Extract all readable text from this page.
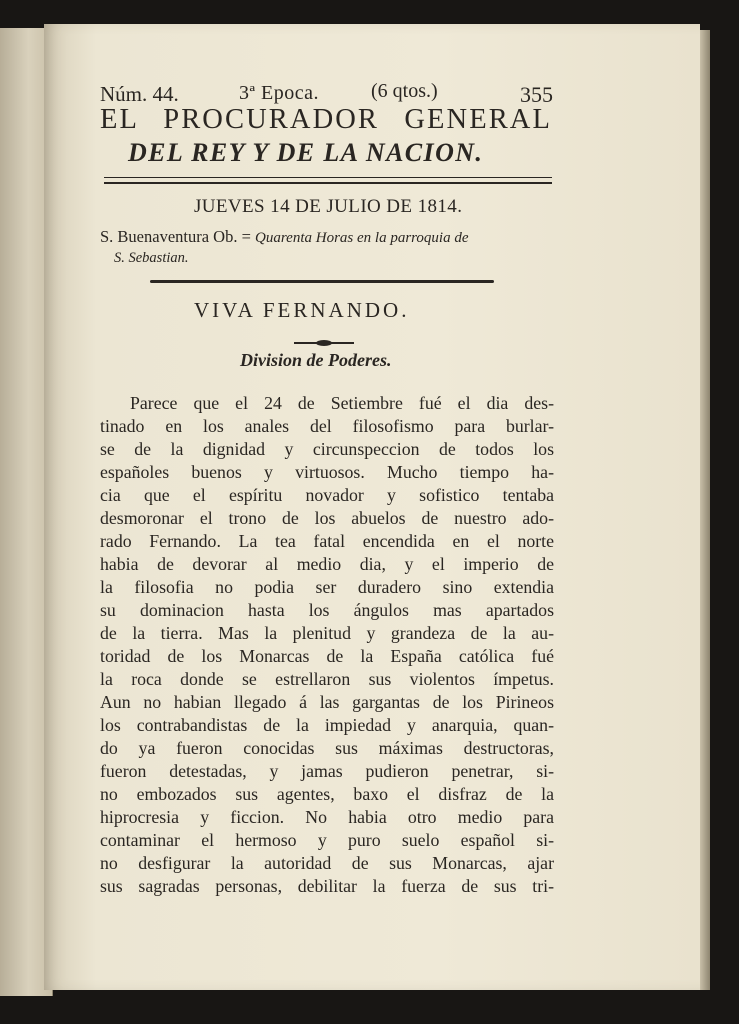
Núm. 44.	3ª Epoca.	(6 qtos.)	355
EL PROCURADOR GENERAL
DEL REY Y DE LA NACION.
JUEVES 14 DE JULIO DE 1814.
S. Buenaventura Ob. = Quarenta Horas en la parroquia de
S. Sebastian.
VIVA FERNANDO.
Division de Poderes.
Parece que el 24 de Setiembre fué el dia des-
tinado en los anales del filosofismo para burlar-
se de la dignidad y circunspeccion de todos los
españoles buenos y virtuosos. Mucho tiempo ha-
cia que el espíritu novador y sofistico tentaba
desmoronar el trono de los abuelos de nuestro ado-
rado Fernando. La tea fatal encendida en el norte
habia de devorar al medio dia, y el imperio de
la filosofia no podia ser duradero sino extendia
su dominacion hasta los ángulos mas apartados
de la tierra. Mas la plenitud y grandeza de la au-
toridad de los Monarcas de la España católica fué
la roca donde se estrellaron sus violentos ímpetus.
Aun no habian llegado á las gargantas de los Pirineos
los contrabandistas de la impiedad y anarquia, quan-
do ya fueron conocidas sus máximas destructoras,
fueron detestadas, y jamas pudieron penetrar, si-
no embozados sus agentes, baxo el disfraz de la
hiprocresia y ficcion. No habia otro medio para
contaminar el hermoso y puro suelo español si-
no desfigurar la autoridad de sus Monarcas, ajar
sus sagradas personas, debilitar la fuerza de sus tri-
